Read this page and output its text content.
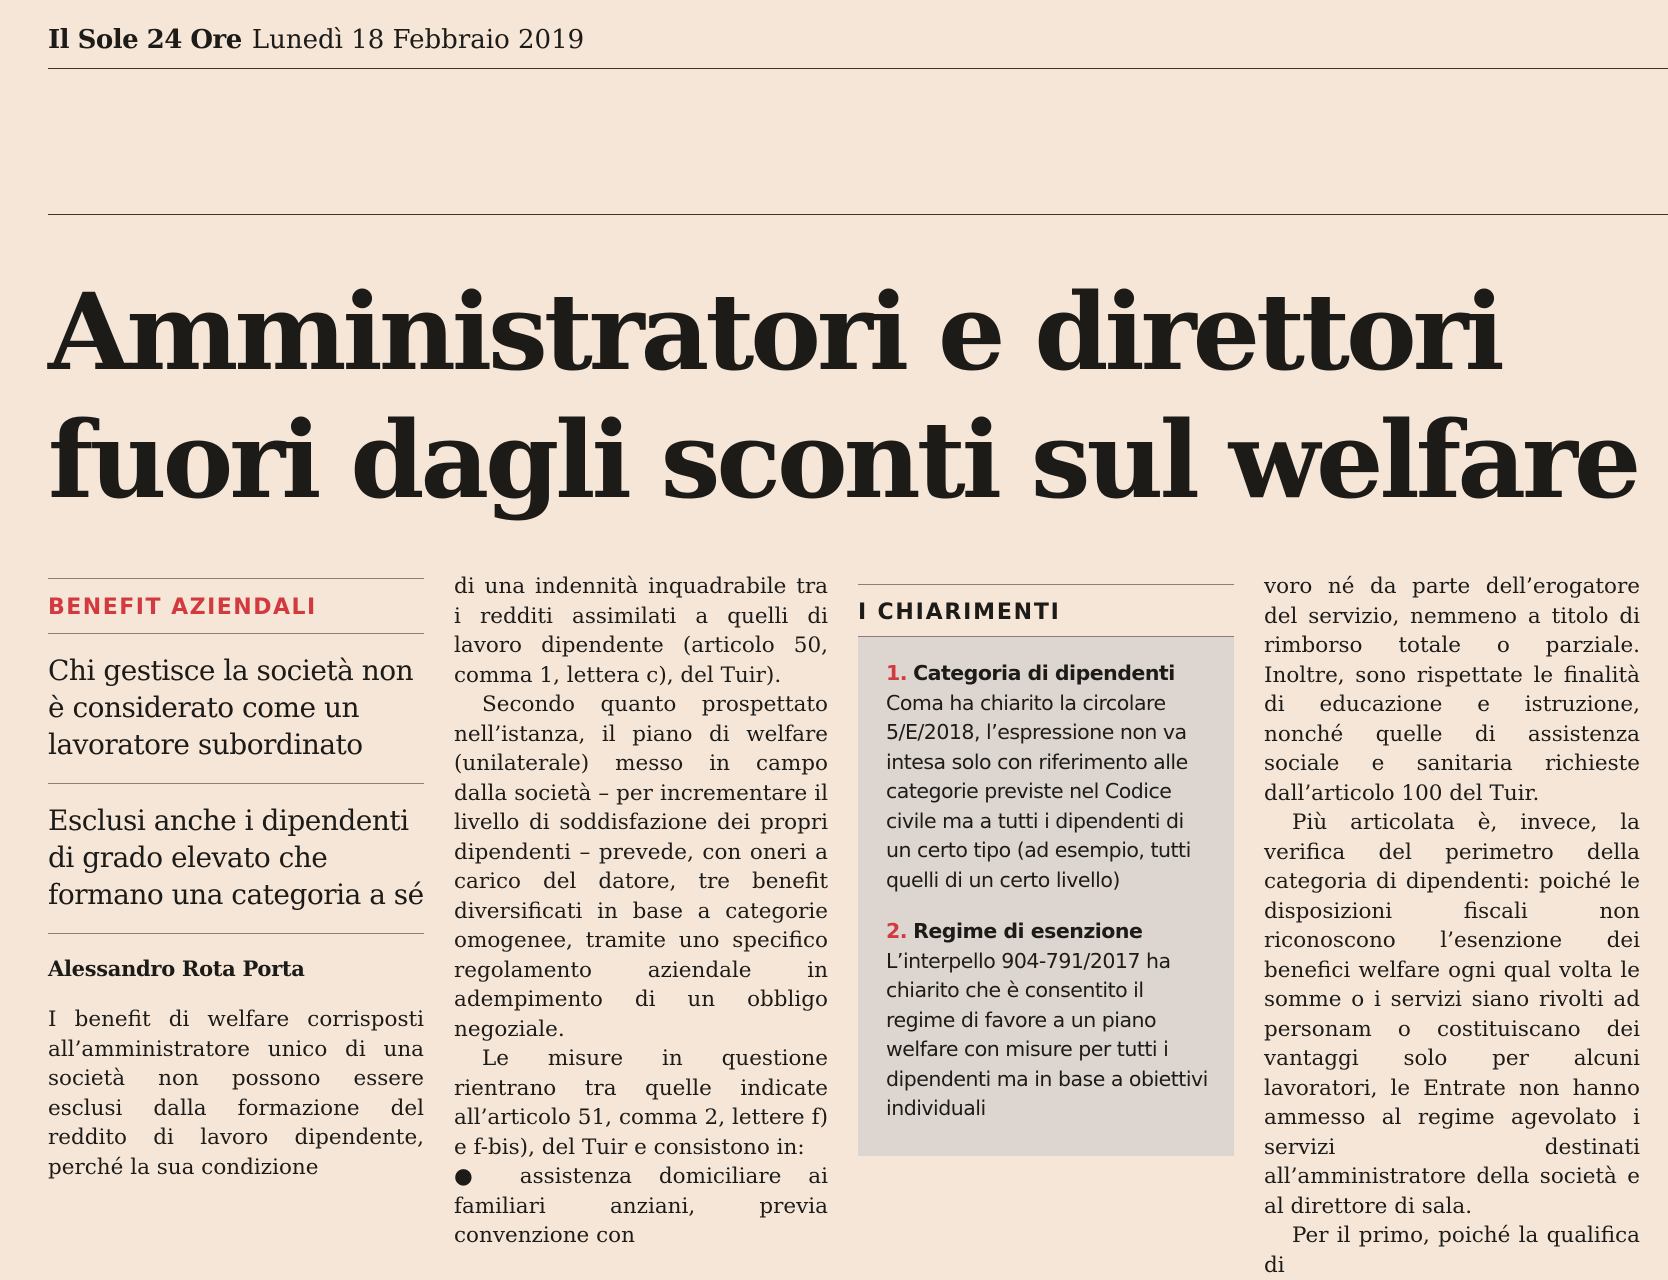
Il Sole 24 Ore Lunedì 18 Febbraio 2019
Amministratori e direttori
fuori dagli sconti sul welfare
BENEFIT AZIENDALI
Chi gestisce la società non è considerato come un lavoratore subordinato
Esclusi anche i dipendenti di grado elevato che formano una categoria a sé
Alessandro Rota Porta

I benefit di welfare corrisposti all’amministratore unico di una società non possono essere esclusi dalla formazione del reddito di lavoro dipendente, perché la sua condizione

di una indennità inquadrabile tra i redditi assimilati a quelli di lavoro dipendente (articolo 50, comma 1, lettera c), del Tuir).

Secondo quanto prospettato nell’istanza, il piano di welfare (unilaterale) messo in campo dalla società – per incrementare il livello di soddisfazione dei propri dipendenti – prevede, con oneri a carico del datore, tre benefit diversificati in base a categorie omogenee, tramite uno specifico regolamento aziendale in adempimento di un obbligo negoziale.

Le misure in questione rientrano tra quelle indicate all’articolo 51, comma 2, lettere f) e f-bis), del Tuir e consistono in:

● assistenza domiciliare ai familiari anziani, previa convenzione con

I CHIARIMENTI
1. Categoria di dipendenti
Coma ha chiarito la circolare 5/E/2018, l’espressione non va intesa solo con riferimento alle categorie previste nel Codice civile ma a tutti i dipendenti di un certo tipo (ad esempio, tutti quelli di un certo livello)
2. Regime di esenzione
L’interpello 904-791/2017 ha chiarito che è consentito il regime di favore a un piano welfare con misure per tutti i dipendenti ma in base a obiettivi individuali

voro né da parte dell’erogatore del servizio, nemmeno a titolo di rimborso totale o parziale. Inoltre, sono rispettate le finalità di educazione e istruzione, nonché quelle di assistenza sociale e sanitaria richieste dall’articolo 100 del Tuir.

Più articolata è, invece, la verifica del perimetro della categoria di dipendenti: poiché le disposizioni fiscali non riconoscono l’esenzione dei benefici welfare ogni qual volta le somme o i servizi siano rivolti ad personam o costituiscano dei vantaggi solo per alcuni lavoratori, le Entrate non hanno ammesso al regime agevolato i servizi destinati all’amministratore della società e al direttore di sala.

Per il primo, poiché la qualifica di
